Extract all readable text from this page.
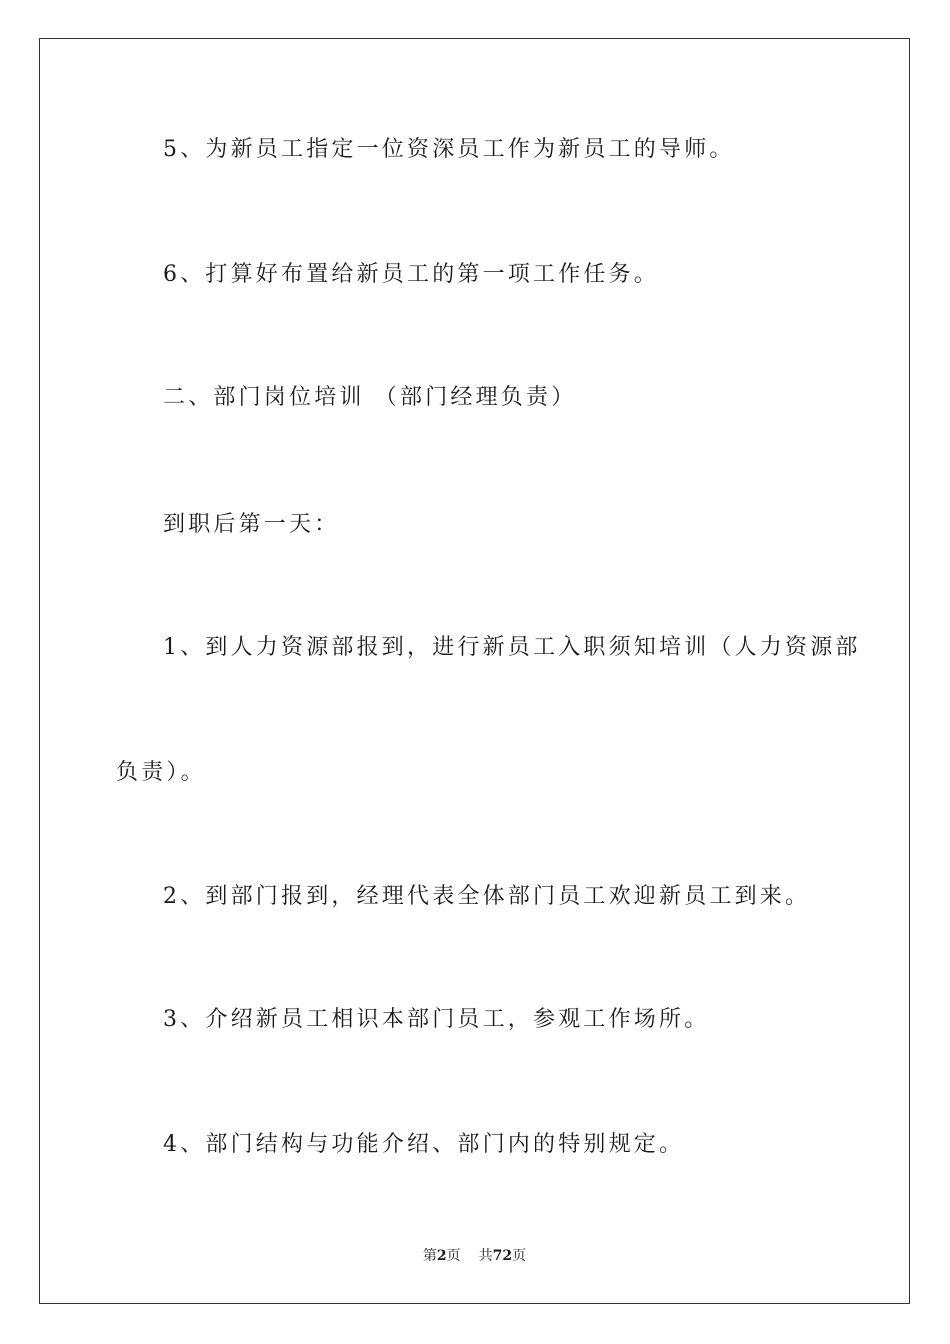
5、为新员工指定一位资深员工作为新员工的导师。
6、打算好布置给新员工的第一项工作任务。
二、部门岗位培训 （部门经理负责）
到职后第一天：
1、到人力资源部报到，进行新员工入职须知培训（人力资源部
负责）。
2、到部门报到，经理代表全体部门员工欢迎新员工到来。
3、介绍新员工相识本部门员工，参观工作场所。
4、部门结构与功能介绍、部门内的特别规定。
第2页 共72页
